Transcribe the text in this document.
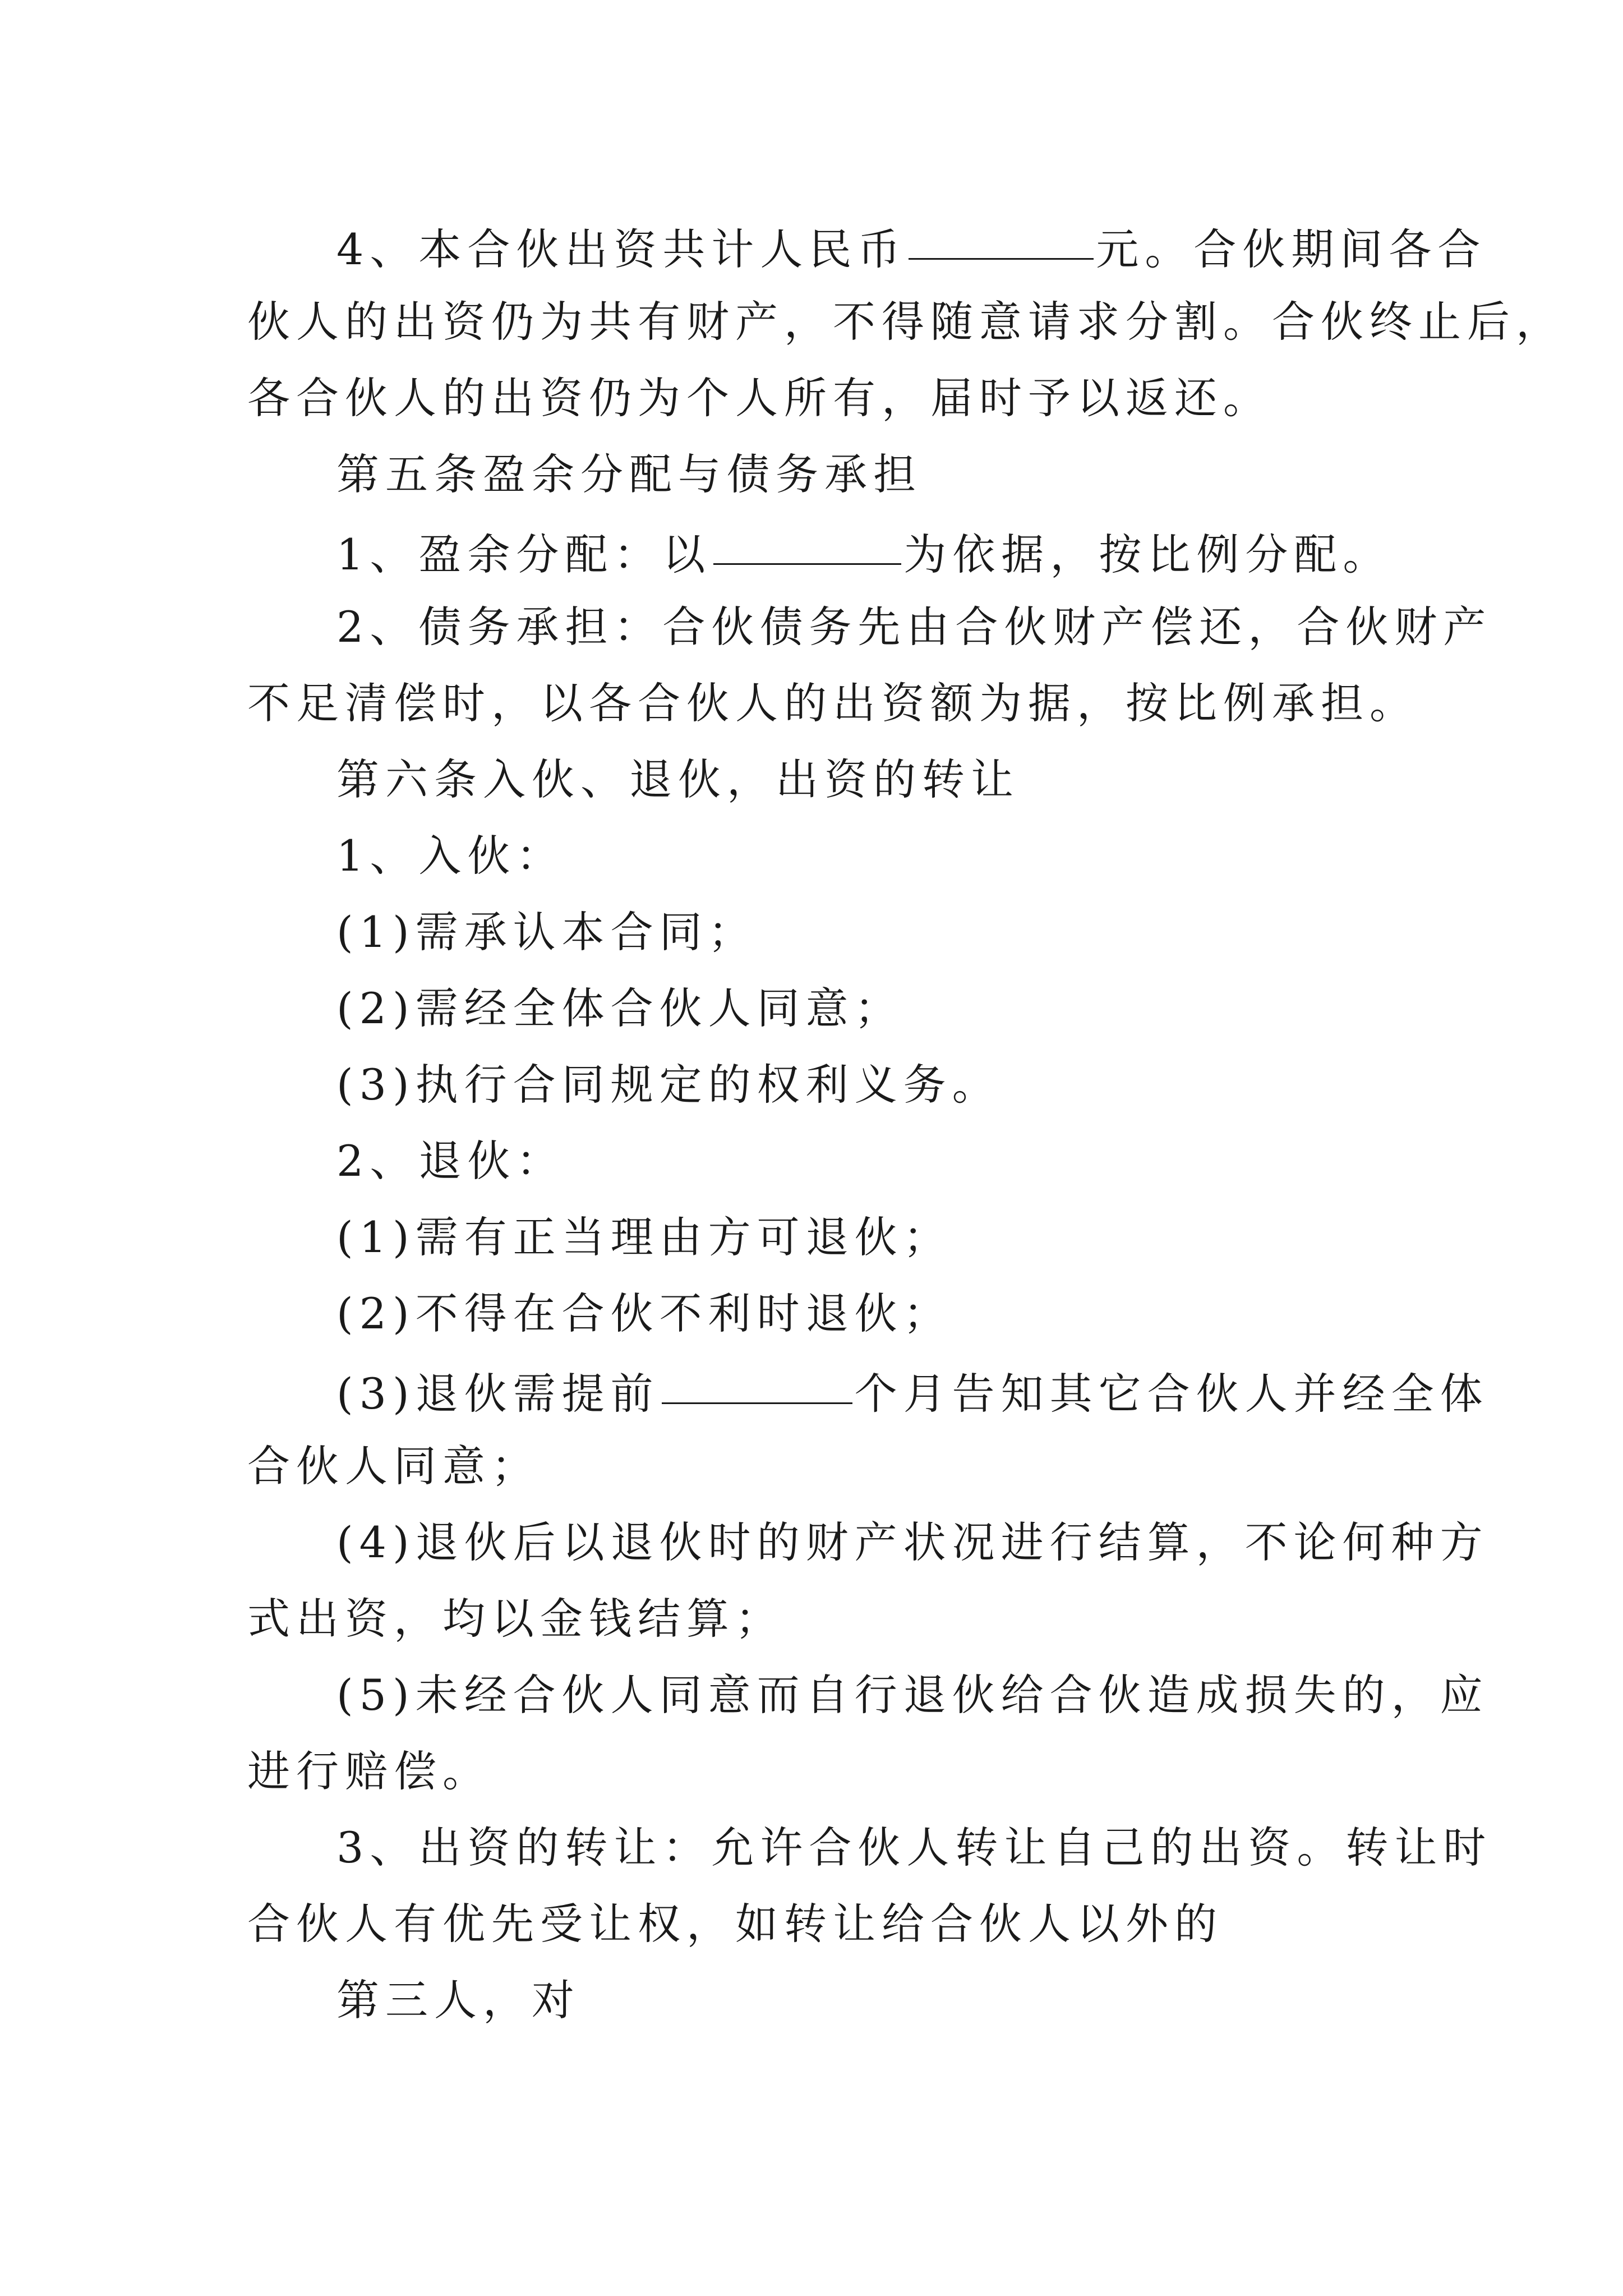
4、本合伙出资共计人民币	元。合伙期间各合
伙人的出资仍为共有财产，不得随意请求分割。合伙终止后，
各合伙人的出资仍为个人所有，届时予以返还。
第五条盈余分配与债务承担
1、盈余分配：以	为依据，按比例分配。
2、债务承担：合伙债务先由合伙财产偿还，合伙财产
不足清偿时，以各合伙人的出资额为据，按比例承担。
第六条入伙、退伙，出资的转让
1、入伙：
(1)需承认本合同；
(2)需经全体合伙人同意；
(3)执行合同规定的权利义务。
2、退伙：
(1)需有正当理由方可退伙；
(2)不得在合伙不利时退伙；
(3)退伙需提前	个月告知其它合伙人并经全体
合伙人同意；
(4)退伙后以退伙时的财产状况进行结算，不论何种方
式出资，均以金钱结算；
(5)未经合伙人同意而自行退伙给合伙造成损失的，应
进行赔偿。
3、出资的转让：允许合伙人转让自己的出资。转让时
合伙人有优先受让权，如转让给合伙人以外的
第三人，对
